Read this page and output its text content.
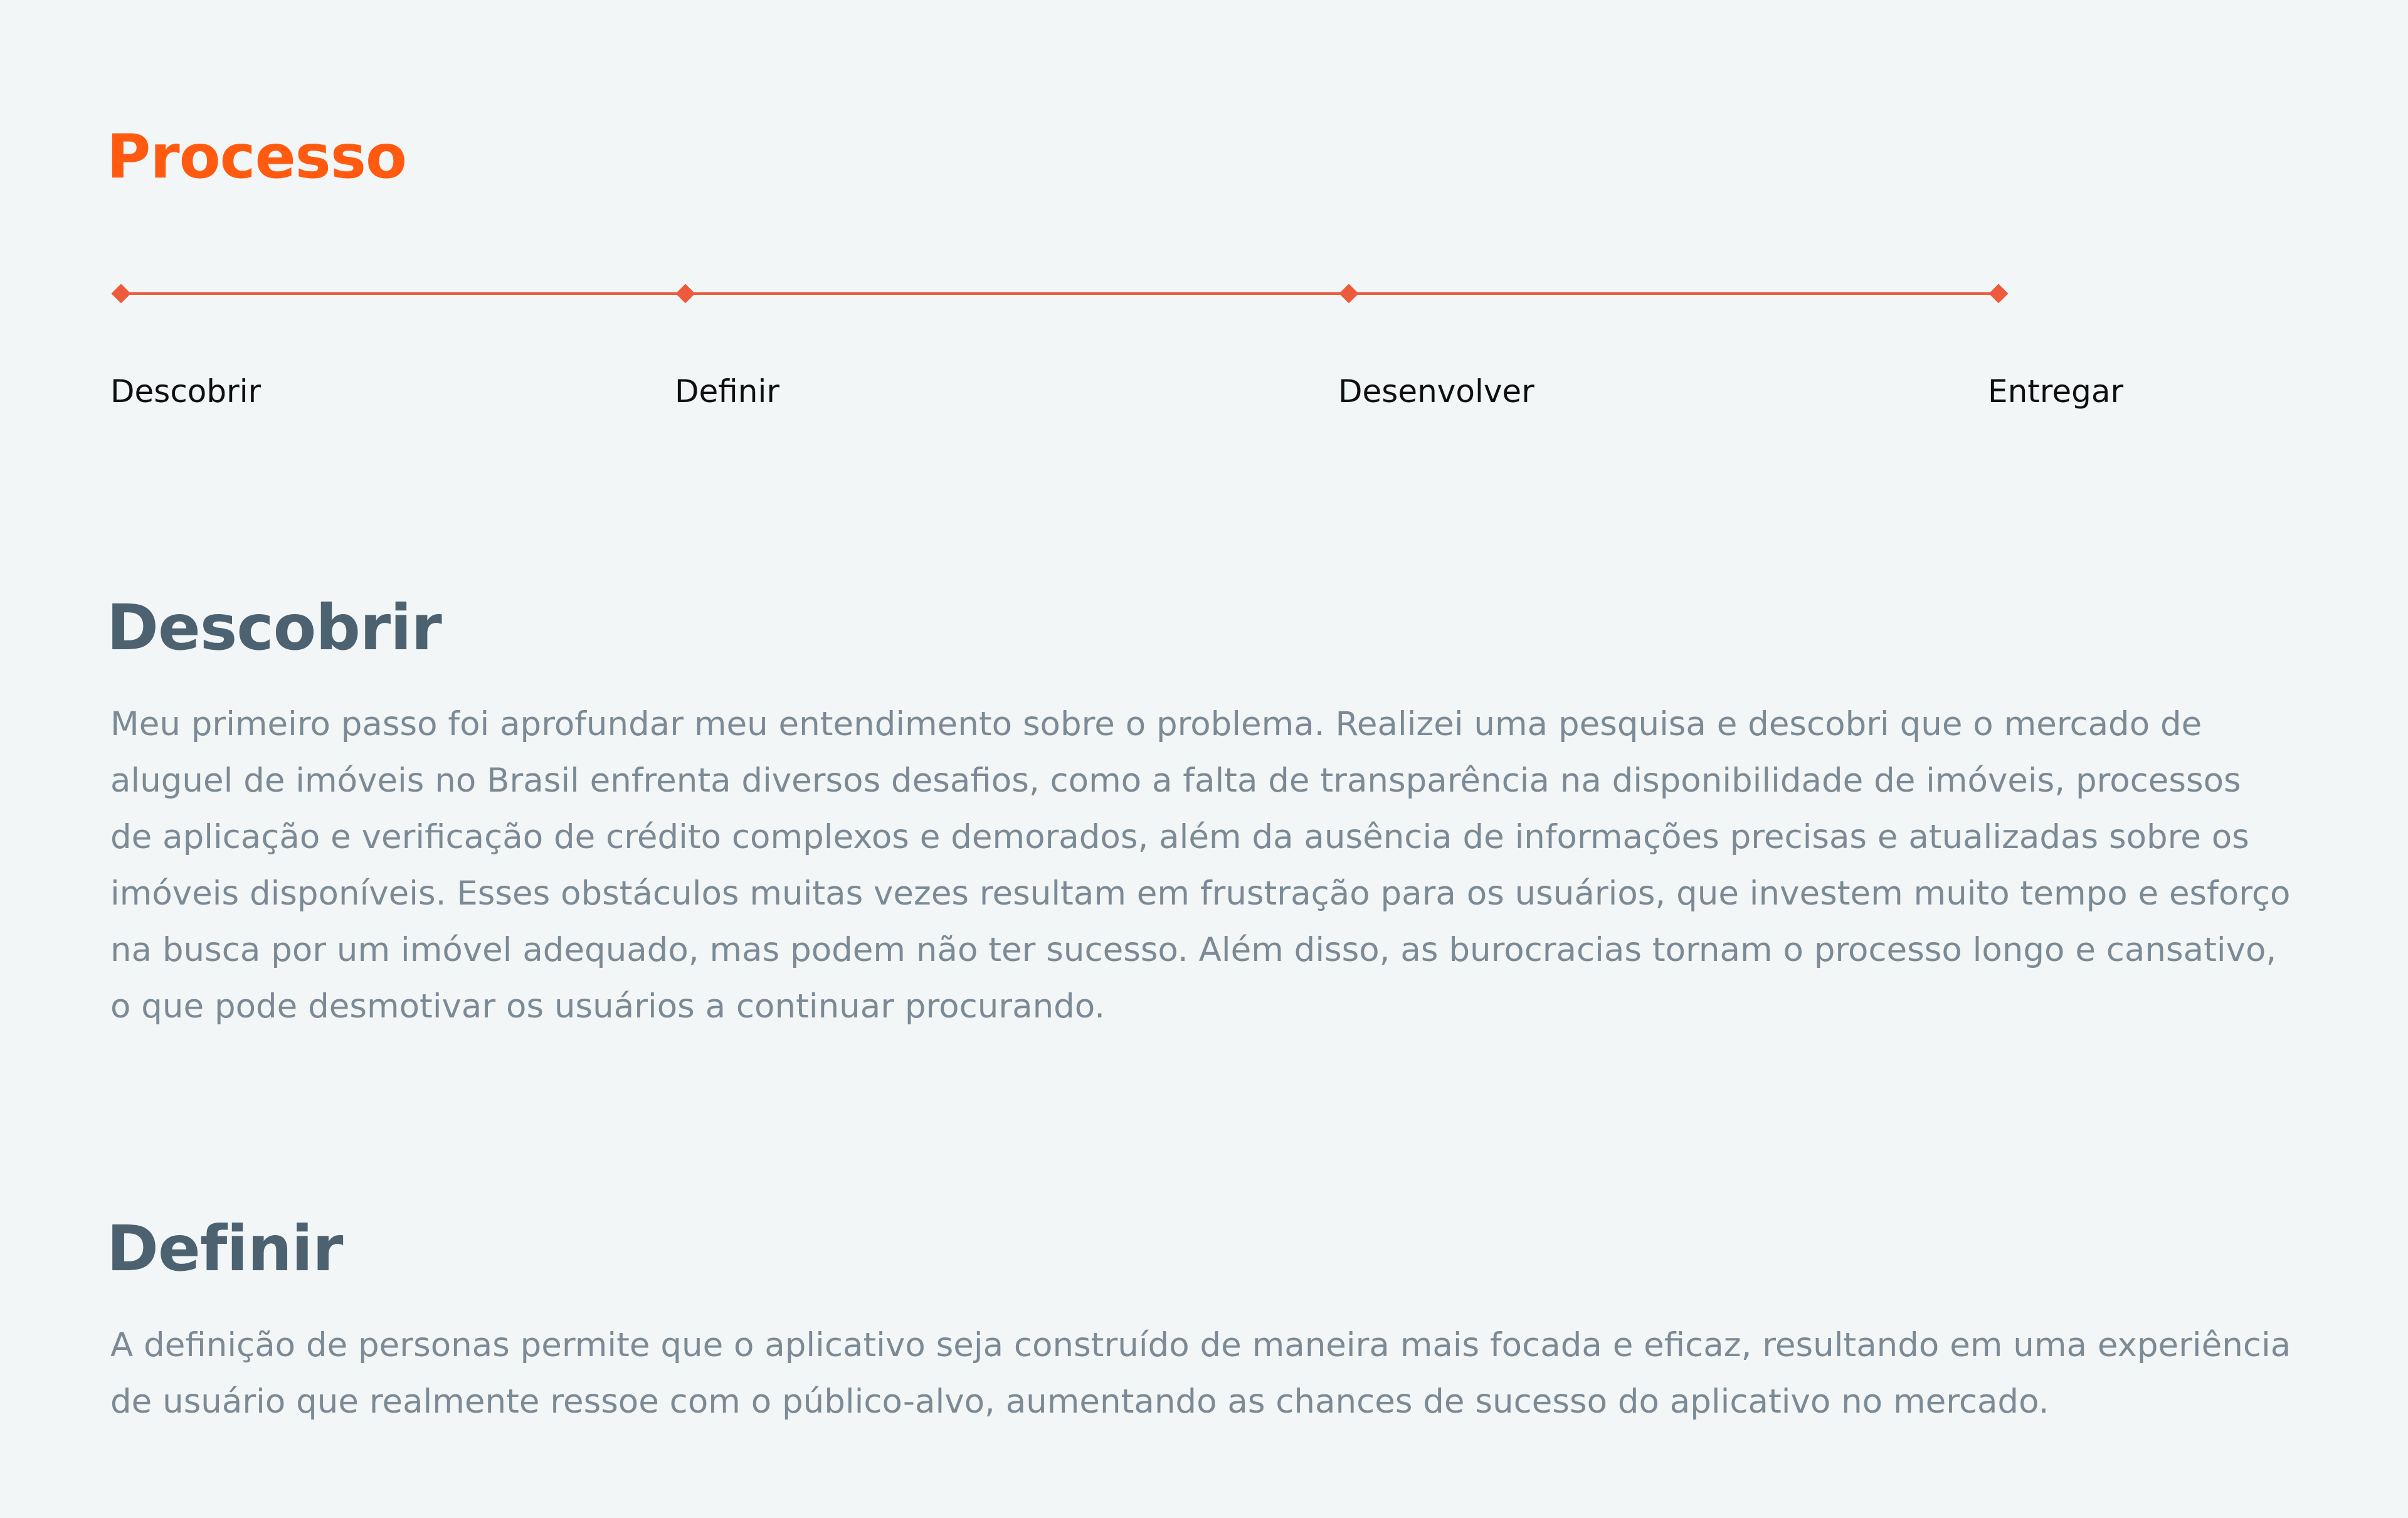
Processo
Descobrir	Definir	Desenvolver	Entregar
Descobrir

Meu primeiro passo foi aprofundar meu entendimento sobre o problema. Realizei uma pesquisa e descobri que o mercado de aluguel de imóveis no Brasil enfrenta diversos desafios, como a falta de transparência na disponibilidade de imóveis, processos de aplicação e verificação de crédito complexos e demorados, além da ausência de informações precisas e atualizadas sobre os imóveis disponíveis. Esses obstáculos muitas vezes resultam em frustração para os usuários, que investem muito tempo e esforço na busca por um imóvel adequado, mas podem não ter sucesso. Além disso, as burocracias tornam o processo longo e cansativo, o que pode desmotivar os usuários a continuar procurando.

Definir

A definição de personas permite que o aplicativo seja construído de maneira mais focada e eficaz, resultando em uma experiência de usuário que realmente ressoe com o público-alvo, aumentando as chances de sucesso do aplicativo no mercado.
